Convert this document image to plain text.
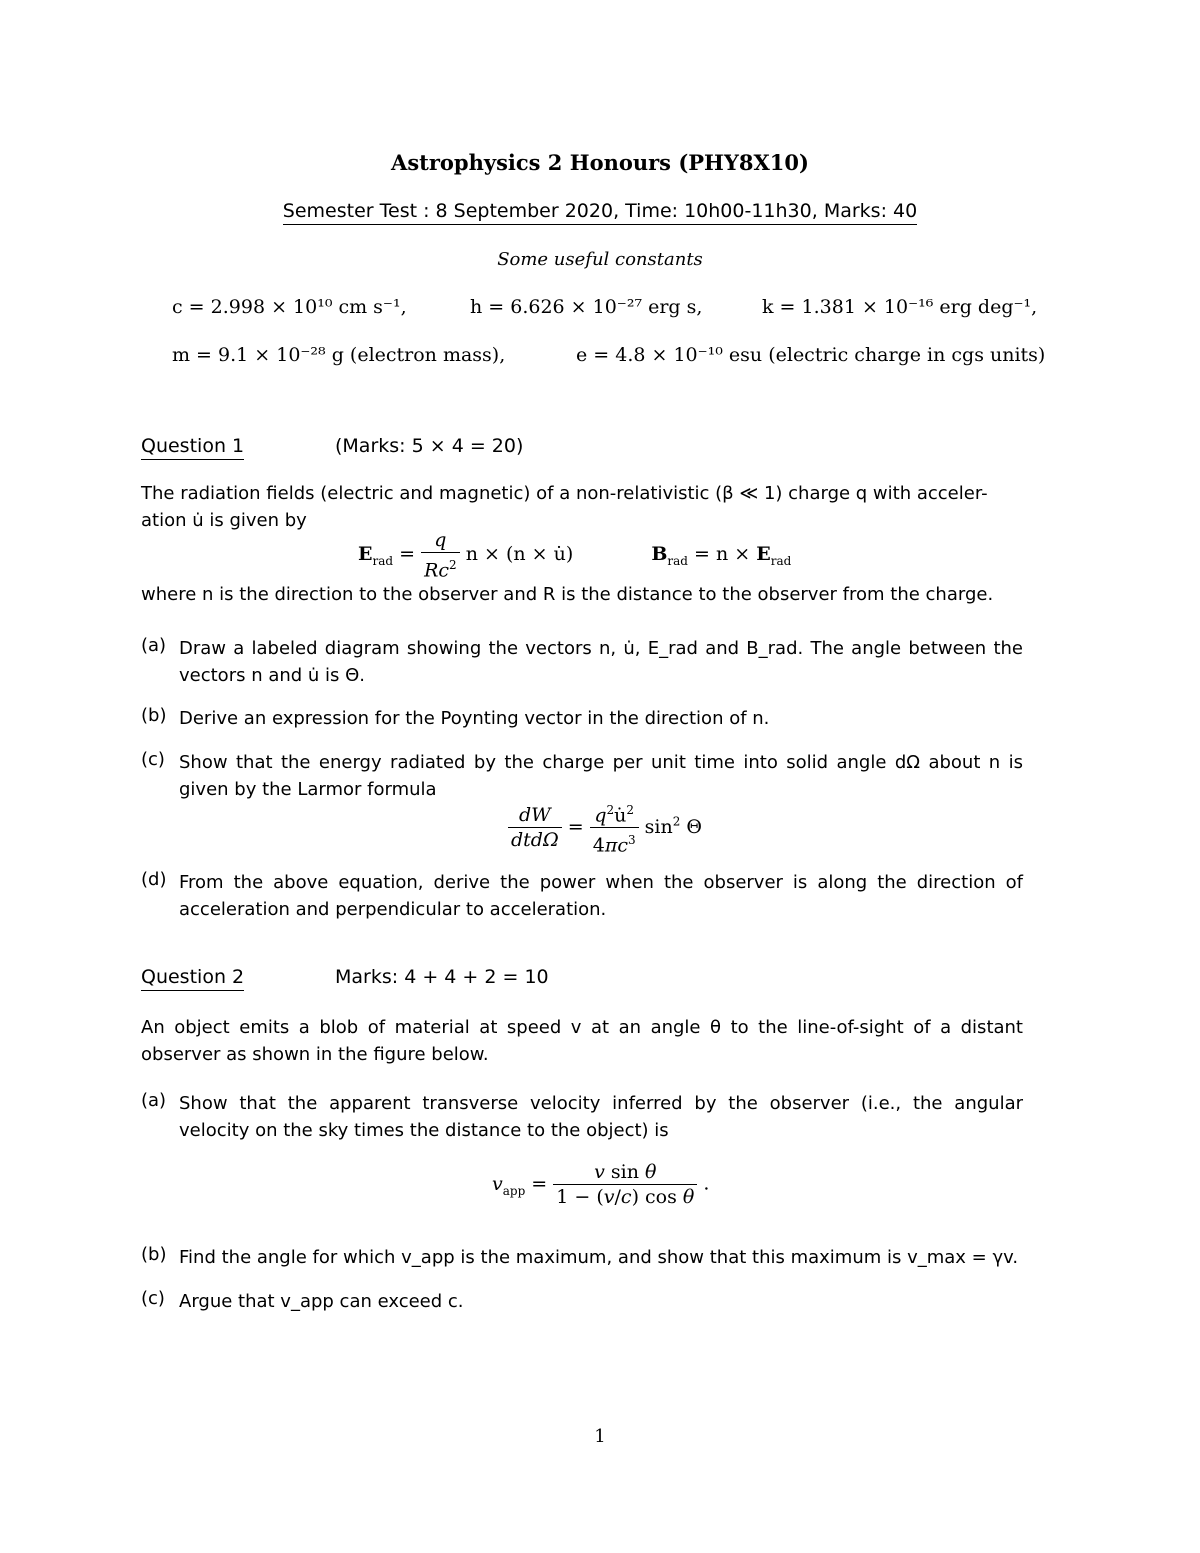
Astrophysics 2 Honours (PHY8X10)
Semester Test : 8 September 2020, Time: 10h00-11h30, Marks: 40
Some useful constants
c = 2.998 × 10¹⁰ cm s⁻¹,	h = 6.626 × 10⁻²⁷ erg s,	k = 1.381 × 10⁻¹⁶ erg deg⁻¹,
m = 9.1 × 10⁻²⁸ g (electron mass),	e = 4.8 × 10⁻¹⁰ esu (electric charge in cgs units)
Question 1	(Marks: 5 × 4 = 20)
The radiation fields (electric and magnetic) of a non-relativistic (β ≪ 1) charge q with acceler-
ation u̇ is given by
$E_{rad} = \frac{q}{Rc^2}$ n × (n × u̇)	$B_{rad} = n \times E_{rad}$
where n is the direction to the observer and R is the distance to the observer from the charge.
(a) Draw a labeled diagram showing the vectors n, u̇, E_rad and B_rad. The angle between the vectors n and u̇ is Θ.
(b) Derive an expression for the Poynting vector in the direction of n.
(c) Show that the energy radiated by the charge per unit time into solid angle dΩ about n is given by the Larmor formula
$\frac{dW}{\text{dtdΩ}} = \frac{q^2u̇^2}{4\pi c^3} \sin^2 \Theta$
(d) From the above equation, derive the power when the observer is along the direction of acceleration and perpendicular to acceleration.
Question 2	Marks: 4 + 4 + 2 = 10
An object emits a blob of material at speed v at an angle θ to the line-of-sight of a distant observer as shown in the figure below.
(a) Show that the apparent transverse velocity inferred by the observer (i.e., the angular velocity on the sky times the distance to the object) is
$v_{app} = \frac{\text{v sin θ}}{\text{1 − (v/c) cos θ}}$ .
(b) Find the angle for which v_app is the maximum, and show that this maximum is v_max = γv.
(c) Argue that v_app can exceed c.
1
